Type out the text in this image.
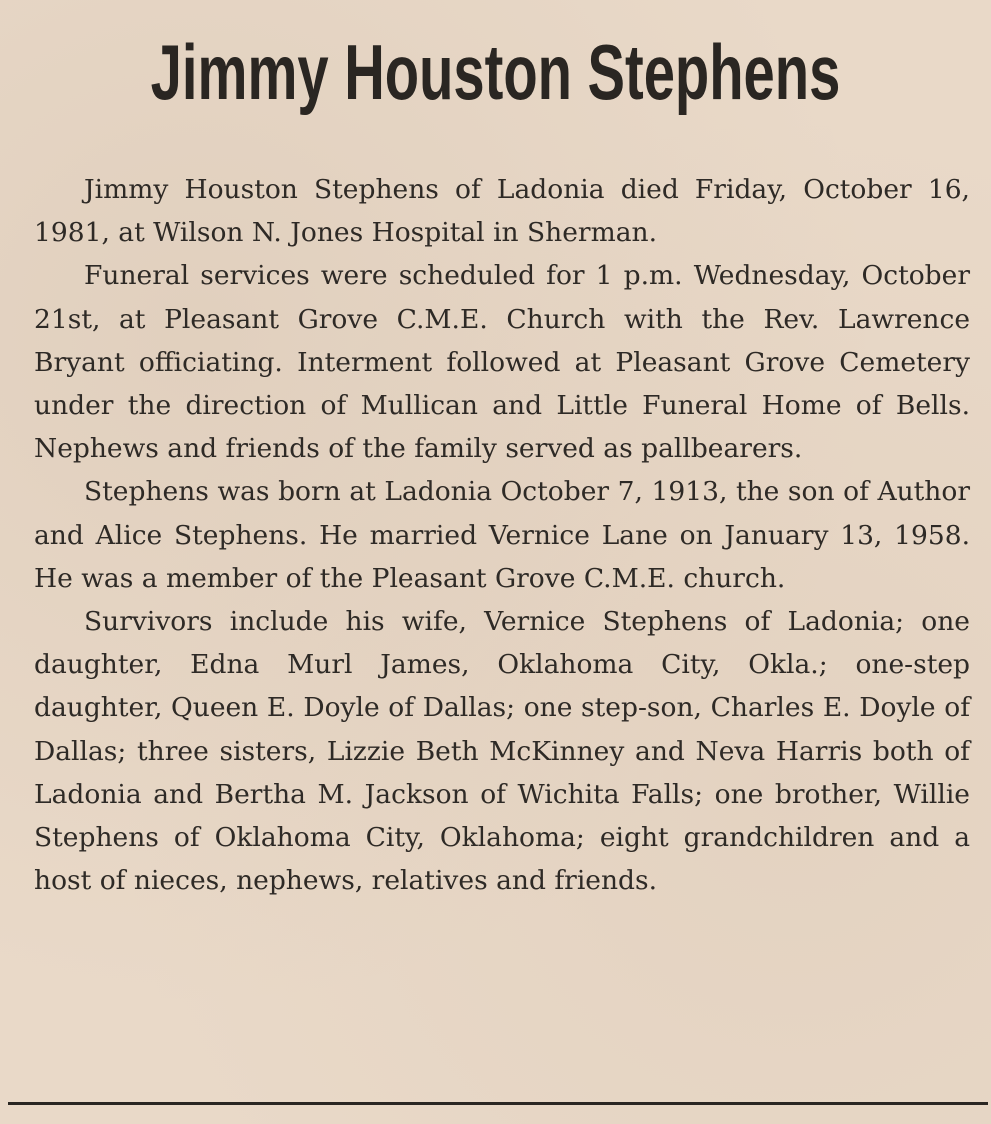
Jimmy Houston Stephens

Jimmy Houston Stephens of Ladonia died Friday, October 16, 1981, at Wilson N. Jones Hospital in Sherman.

Funeral services were scheduled for 1 p.m. Wednesday, October 21st, at Pleasant Grove C.M.E. Church with the Rev. Lawrence Bryant officiating. Interment followed at Pleasant Grove Cemetery under the direction of Mullican and Little Funeral Home of Bells. Nephews and friends of the family served as pallbearers.

Stephens was born at Ladonia October 7, 1913, the son of Author and Alice Stephens. He married Vernice Lane on January 13, 1958. He was a member of the Pleasant Grove C.M.E. church.

Survivors include his wife, Vernice Stephens of Ladonia; one daughter, Edna Murl James, Oklahoma City, Okla.; one-step daughter, Queen E. Doyle of Dallas; one step-son, Charles E. Doyle of Dallas; three sisters, Lizzie Beth McKinney and Neva Harris both of Ladonia and Bertha M. Jackson of Wichita Falls; one brother, Willie Stephens of Oklahoma City, Oklahoma; eight grandchildren and a host of nieces, nephews, relatives and friends.
